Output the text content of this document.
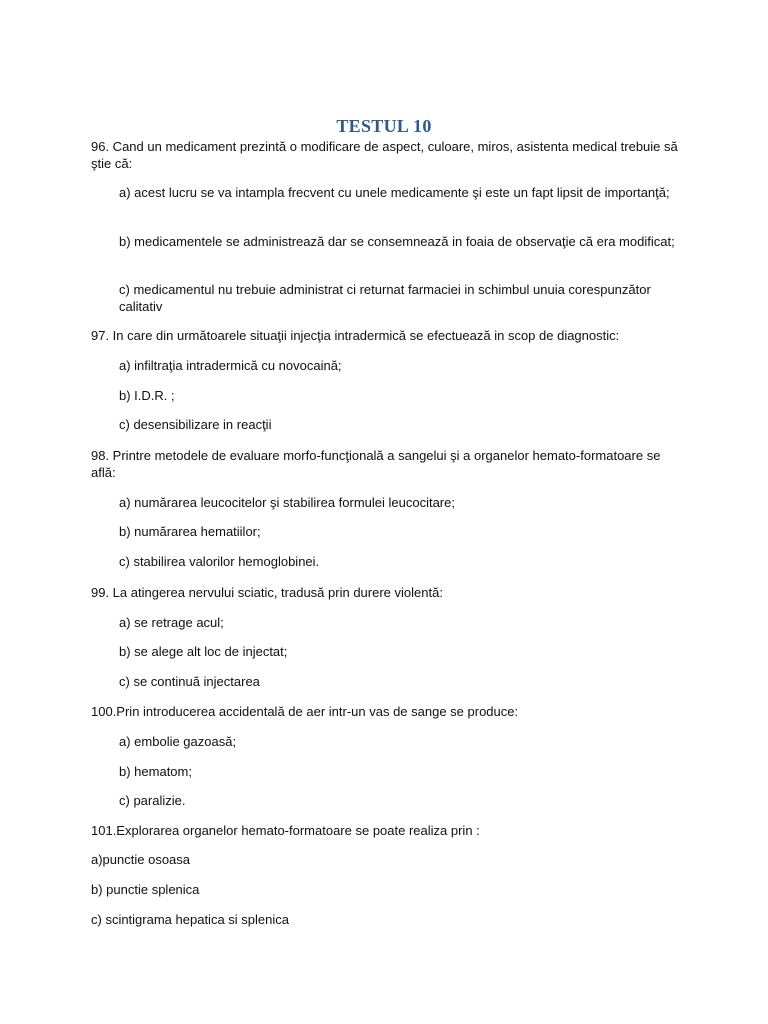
TESTUL 10
96. Cand un medicament prezintă o modificare de aspect, culoare, miros, asistenta medical trebuie să ştie că:
a) acest lucru se va intampla frecvent cu unele medicamente şi este un fapt lipsit de importanţă;
b) medicamentele se administrează dar se consemnează in foaia de observaţie că era modificat;
c) medicamentul nu trebuie administrat ci returnat farmaciei in schimbul unuia corespunzător calitativ
97. In care din următoarele situaţii injecţia intradermică se efectuează in scop de diagnostic:
a) infiltraţia intradermică cu novocaină;
b) I.D.R. ;
c) desensibilizare in reacţii
98. Printre metodele de evaluare morfo-funcţională a sangelui şi a organelor hemato-formatoare se află:
a) numărarea leucocitelor şi stabilirea formulei leucocitare;
b) numărarea hematiilor;
c) stabilirea valorilor hemoglobinei.
99. La atingerea nervului sciatic, tradusă prin durere violentă:
a) se retrage acul;
b) se alege alt loc de injectat;
c) se continuă injectarea
100.Prin introducerea accidentală de aer intr-un vas de sange se produce:
a) embolie gazoasă;
b) hematom;
c) paralizie.
101.Explorarea organelor hemato-formatoare se poate realiza prin :
a)punctie osoasa
b) punctie splenica
c) scintigrama hepatica si splenica
